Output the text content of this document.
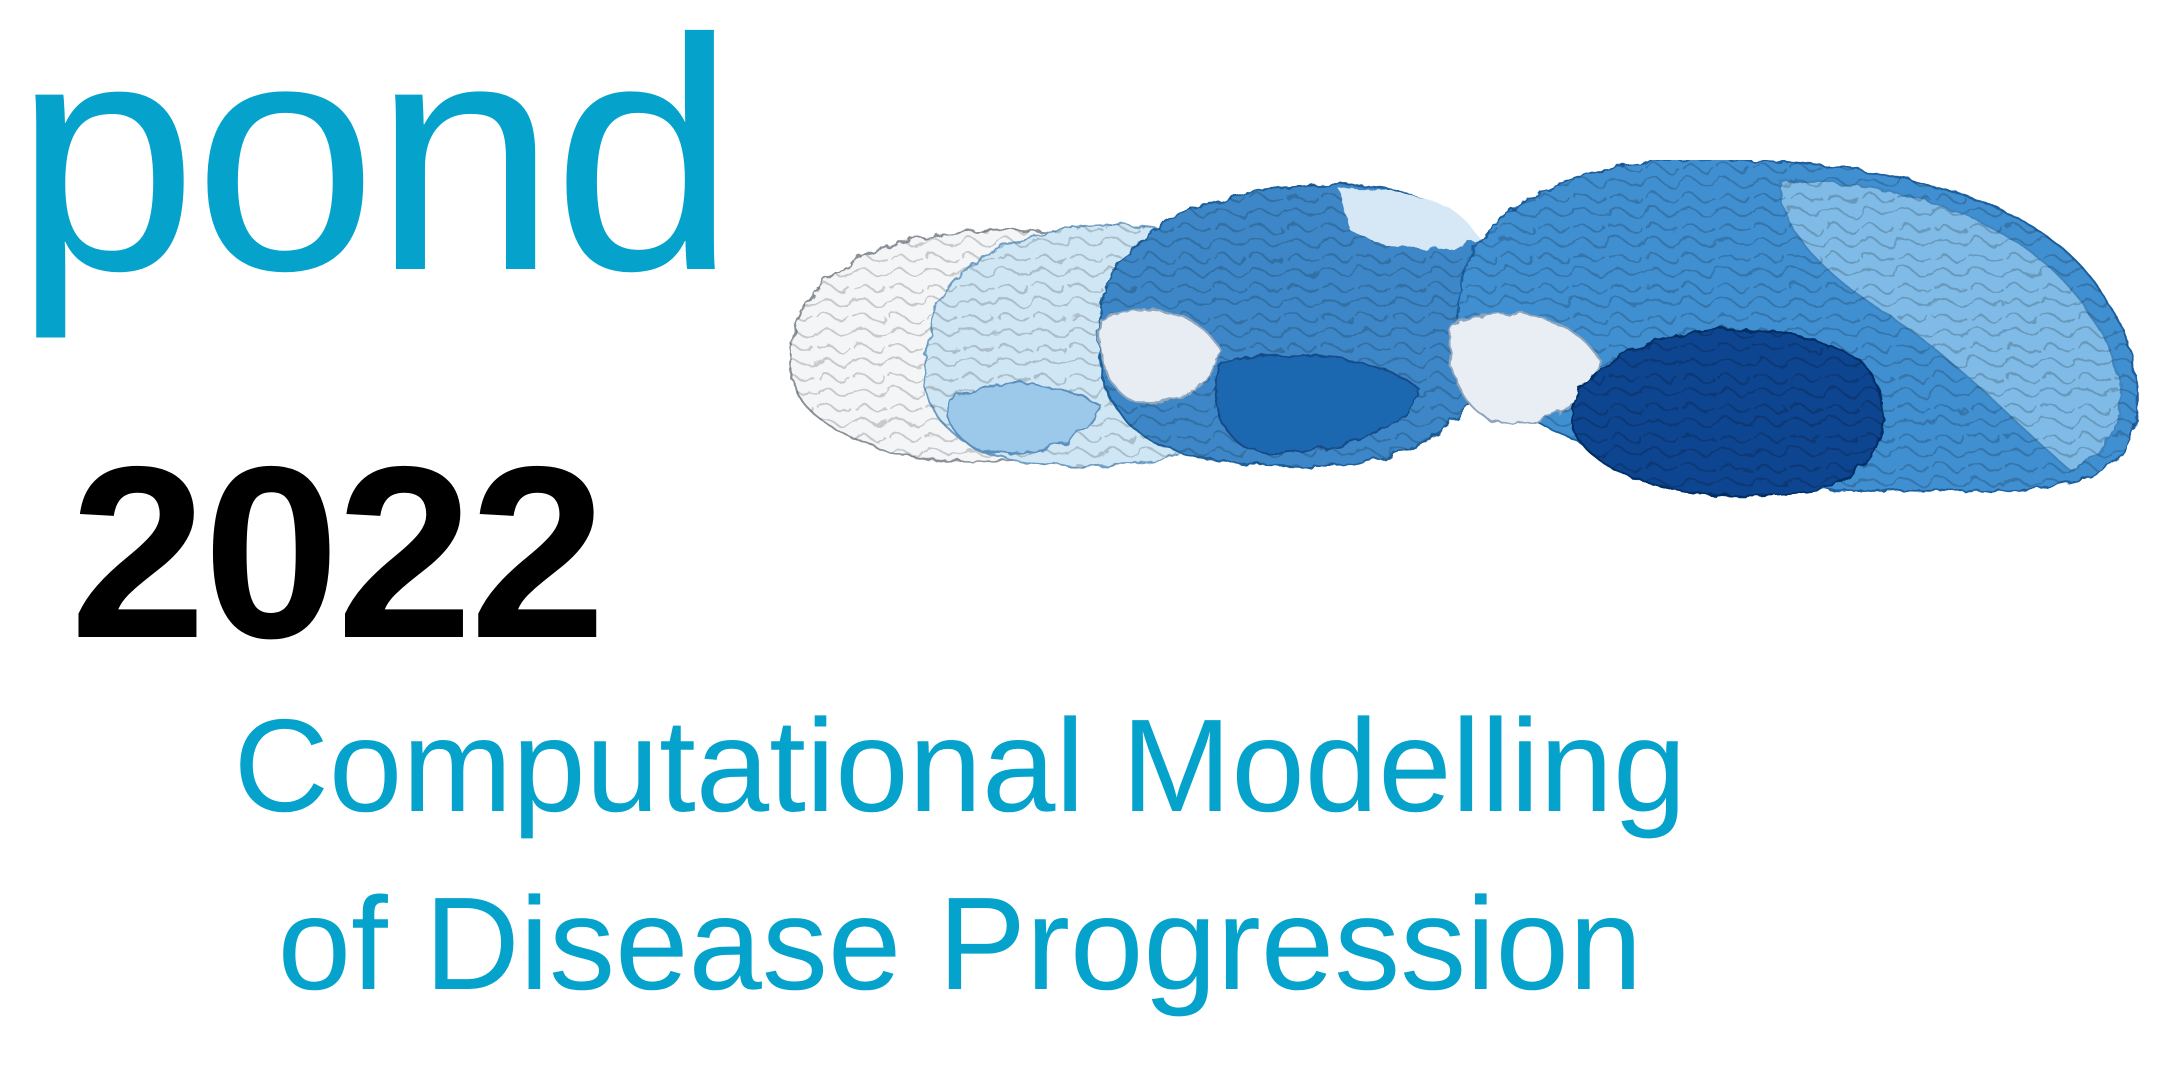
pond
2022
Computational Modelling
of Disease Progression
